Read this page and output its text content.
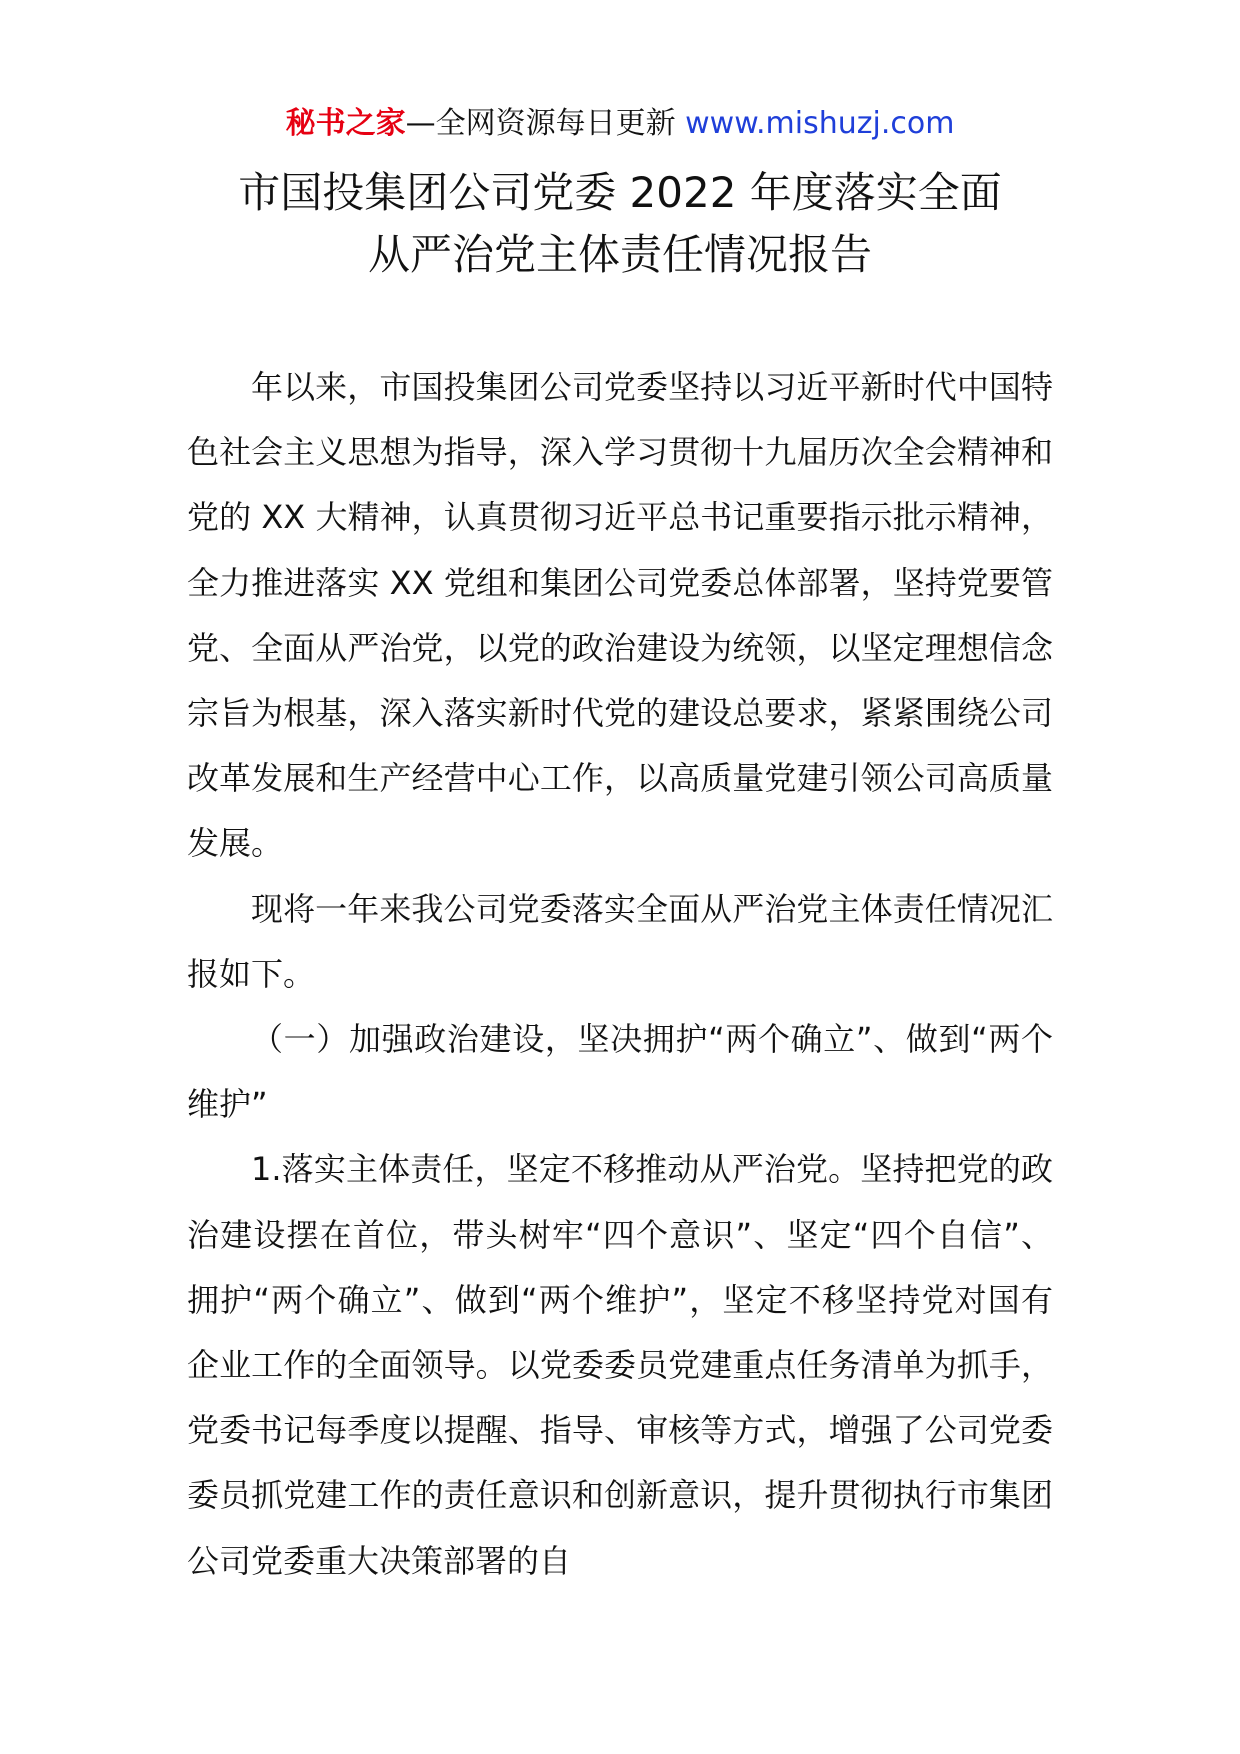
秘书之家—全网资源每日更新 www.mishuzj.com
市国投集团公司党委 2022 年度落实全面
从严治党主体责任情况报告

年以来，市国投集团公司党委坚持以习近平新时代中国特色社会主义思想为指导，深入学习贯彻十九届历次全会精神和党的 XX 大精神，认真贯彻习近平总书记重要指示批示精神，全力推进落实 XX 党组和集团公司党委总体部署，坚持党要管党、全面从严治党，以党的政治建设为统领，以坚定理想信念宗旨为根基，深入落实新时代党的建设总要求，紧紧围绕公司改革发展和生产经营中心工作，以高质量党建引领公司高质量发展。

现将一年来我公司党委落实全面从严治党主体责任情况汇报如下。

（一）加强政治建设，坚决拥护“两个确立”、做到“两个维护”

1.落实主体责任，坚定不移推动从严治党。坚持把党的政治建设摆在首位，带头树牢“四个意识”、坚定“四个自信”、拥护“两个确立”、做到“两个维护”，坚定不移坚持党对国有企业工作的全面领导。以党委委员党建重点任务清单为抓手，党委书记每季度以提醒、指导、审核等方式，增强了公司党委委员抓党建工作的责任意识和创新意识，提升贯彻执行市集团公司党委重大决策部署的自
